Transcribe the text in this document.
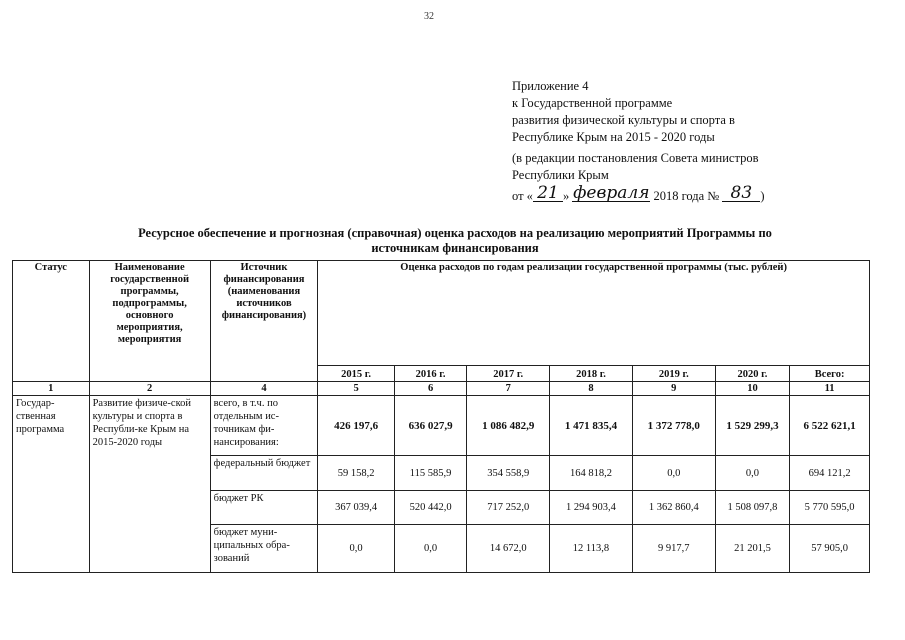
32
Приложение 4
к Государственной программе
развития физической культуры и спорта в
Республике Крым на 2015 - 2020 годы
(в редакции постановления Совета министров
Республики Крым
от « 21 » февраля 2018 года № 83 )
Ресурсное обеспечение и прогнозная (справочная) оценка расходов на реализацию мероприятий Программы по
источникам финансирования
Статус	Наименование государственной программы, подпрограммы, основного мероприятия, мероприятия	Источник финансирования (наименования источников финансирования)	Оценка расходов по годам реализации государственной программы (тыс. рублей)						
			2015 г.	2016 г.	2017 г.	2018 г.	2019 г.	2020 г.	Всего:
1	2	4	5	6	7	8	9	10	11
Государ-ственная программа	Развитие физиче-ской культуры и спорта в Республи-ке Крым на 2015-2020 годы	всего, в т.ч. по отдельным ис-точникам фи-нансирования:	426 197,6	636 027,9	1 086 482,9	1 471 835,4	1 372 778,0	1 529 299,3	6 522 621,1
		федеральный бюджет	59 158,2	115 585,9	354 558,9	164 818,2	0,0	0,0	694 121,2
		бюджет РК	367 039,4	520 442,0	717 252,0	1 294 903,4	1 362 860,4	1 508 097,8	5 770 595,0
		бюджет муни-ципальных обра-зований	0,0	0,0	14 672,0	12 113,8	9 917,7	21 201,5	57 905,0
